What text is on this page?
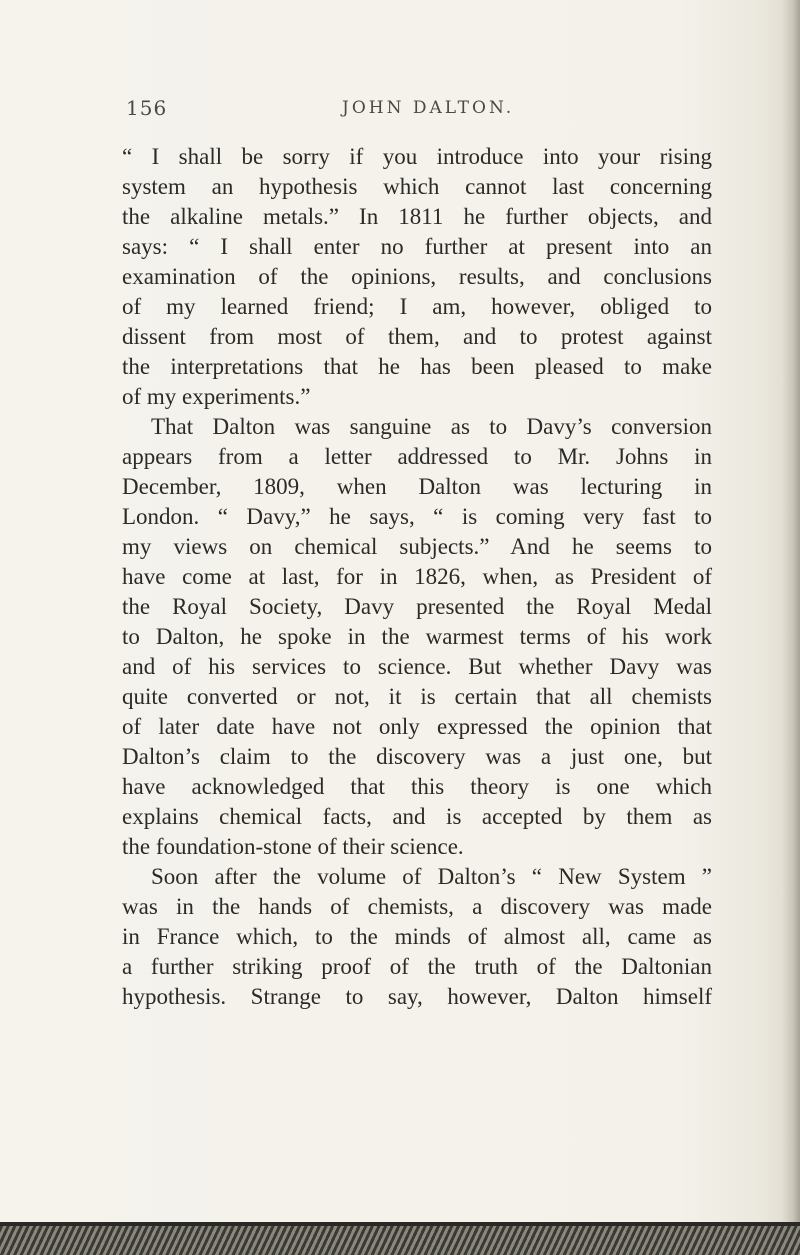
156	JOHN DALTON.
“ I shall be sorry if you introduce into your rising
system an hypothesis which cannot last concerning
the alkaline metals.” In 1811 he further objects, and
says: “ I shall enter no further at present into an
examination of the opinions, results, and conclusions
of my learned friend; I am, however, obliged to
dissent from most of them, and to protest against
the interpretations that he has been pleased to make
of my experiments.”
That Dalton was sanguine as to Davy’s conversion
appears from a letter addressed to Mr. Johns in
December, 1809, when Dalton was lecturing in
London. “ Davy,” he says, “ is coming very fast to
my views on chemical subjects.” And he seems to
have come at last, for in 1826, when, as President of
the Royal Society, Davy presented the Royal Medal
to Dalton, he spoke in the warmest terms of his work
and of his services to science. But whether Davy was
quite converted or not, it is certain that all chemists
of later date have not only expressed the opinion that
Dalton’s claim to the discovery was a just one, but
have acknowledged that this theory is one which
explains chemical facts, and is accepted by them as
the foundation-stone of their science.
Soon after the volume of Dalton’s “ New System ”
was in the hands of chemists, a discovery was made
in France which, to the minds of almost all, came as
a further striking proof of the truth of the Daltonian
hypothesis. Strange to say, however, Dalton himself
